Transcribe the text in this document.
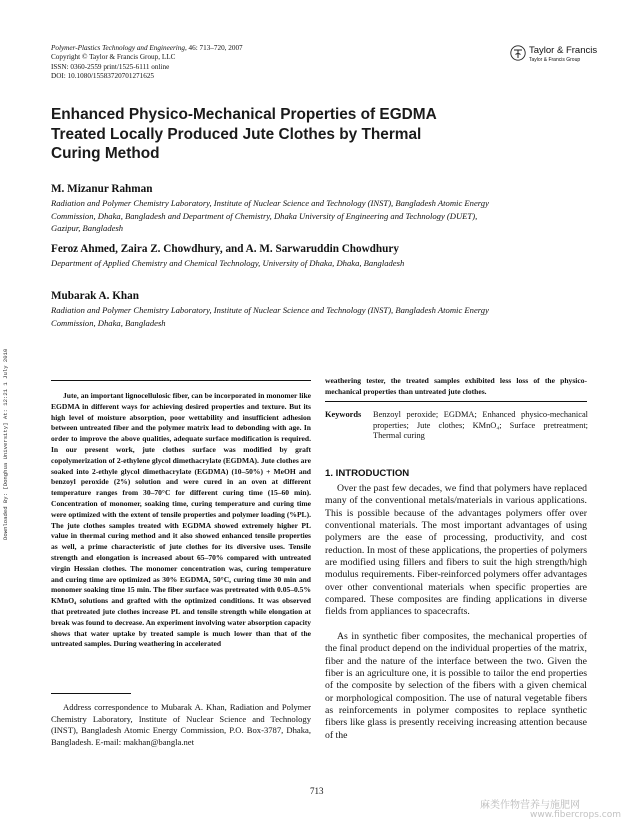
Polymer-Plastics Technology and Engineering, 46: 713–720, 2007
Copyright © Taylor & Francis Group, LLC
ISSN: 0360-2559 print/1525-6111 online
DOI: 10.1080/15583720701271625
Taylor & Francis
Taylor & Francis Group
Enhanced Physico-Mechanical Properties of EGDMA Treated Locally Produced Jute Clothes by Thermal Curing Method
M. Mizanur Rahman
Radiation and Polymer Chemistry Laboratory, Institute of Nuclear Science and Technology (INST), Bangladesh Atomic Energy Commission, Dhaka, Bangladesh and Department of Chemistry, Dhaka University of Engineering and Technology (DUET), Gazipur, Bangladesh
Feroz Ahmed, Zaira Z. Chowdhury, and A. M. Sarwaruddin Chowdhury
Department of Applied Chemistry and Chemical Technology, University of Dhaka, Dhaka, Bangladesh
Mubarak A. Khan
Radiation and Polymer Chemistry Laboratory, Institute of Nuclear Science and Technology (INST), Bangladesh Atomic Energy Commission, Dhaka, Bangladesh
Downloaded By: [Donghua University] At: 12:21 1 July 2010	Jute, an important lignocellulosic fiber, can be incorporated in monomer like EGDMA in different ways for achieving desired properties and texture. But its high level of moisture absorption, poor wettability and insufficient adhesion between untreated fiber and the polymer matrix lead to debonding with age. In order to improve the above qualities, adequate surface modification is required. In our present work, jute clothes surface was modified by graft copolymerization of 2-ethylene glycol dimethacrylate (EGDMA). Jute clothes are soaked into 2-ethyle glycol dimethacrylate (EGDMA) (10–50%) + MeOH and benzoyl peroxide (2%) solution and were cured in an oven at different temperature ranges from 30–70°C for different curing time (15–60 min). Concentration of monomer, soaking time, curing temperature and curing time were optimized with the extent of tensile properties and polymer loading (%PL). The jute clothes samples treated with EGDMA showed extremely higher PL value in thermal curing method and it also showed enhanced tensile properties as well, a prime characteristic of jute clothes for its diversive uses. Tensile strength and elongation is increased about 65–70% compared with untreated virgin Hessian clothes. The monomer concentration was, curing temperature and curing time are optimized as 30% EGDMA, 50°C, curing time 30 min and monomer soaking time 15 min. The fiber surface was pretreated with 0.05–0.5% KMnO₄ solutions and grafted with the optimized conditions. It was observed that pretreated jute clothes increase PL and tensile strength while elongation at break was found to decrease. An experiment involving water absorption capacity shows that water uptake by treated sample is much lower than that of the untreated samples. During weathering in accelerated
weathering tester, the treated samples exhibited less loss of the physico-mechanical properties than untreated jute clothes.
Keywords Benzoyl peroxide; EGDMA; Enhanced physico-mechanical properties; Jute clothes; KMnO₄; Surface pretreatment; Thermal curing
1. INTRODUCTION
Over the past few decades, we find that polymers have replaced many of the conventional metals/materials in various applications. This is possible because of the advantages polymers offer over conventional materials. The most important advantages of using polymers are the ease of processing, productivity, and cost reduction. In most of these applications, the properties of polymers are modified using fillers and fibers to suit the high strength/high modulus requirements. Fiber-reinforced polymers offer advantages over other conventional materials when specific properties are compared. These composites are finding applications in diverse fields from appliances to spacecrafts.
As in synthetic fiber composites, the mechanical properties of the final product depend on the individual properties of the matrix, fiber and the nature of the interface between the two. Given the fiber is an agriculture one, it is possible to tailor the end properties of the composite by selection of the fibers with a given chemical or morphological composition. The use of natural vegetable fibers as reinforcements in polymer composites to replace synthetic fibers like glass is presently receiving increasing attention because of the
Address correspondence to Mubarak A. Khan, Radiation and Polymer Chemistry Laboratory, Institute of Nuclear Science and Technology (INST), Bangladesh Atomic Energy Commission, P.O. Box-3787, Dhaka, Bangladesh. E-mail: makhan@bangla.net
713
麻类作物营养与施肥网
www.fibercrops.com
